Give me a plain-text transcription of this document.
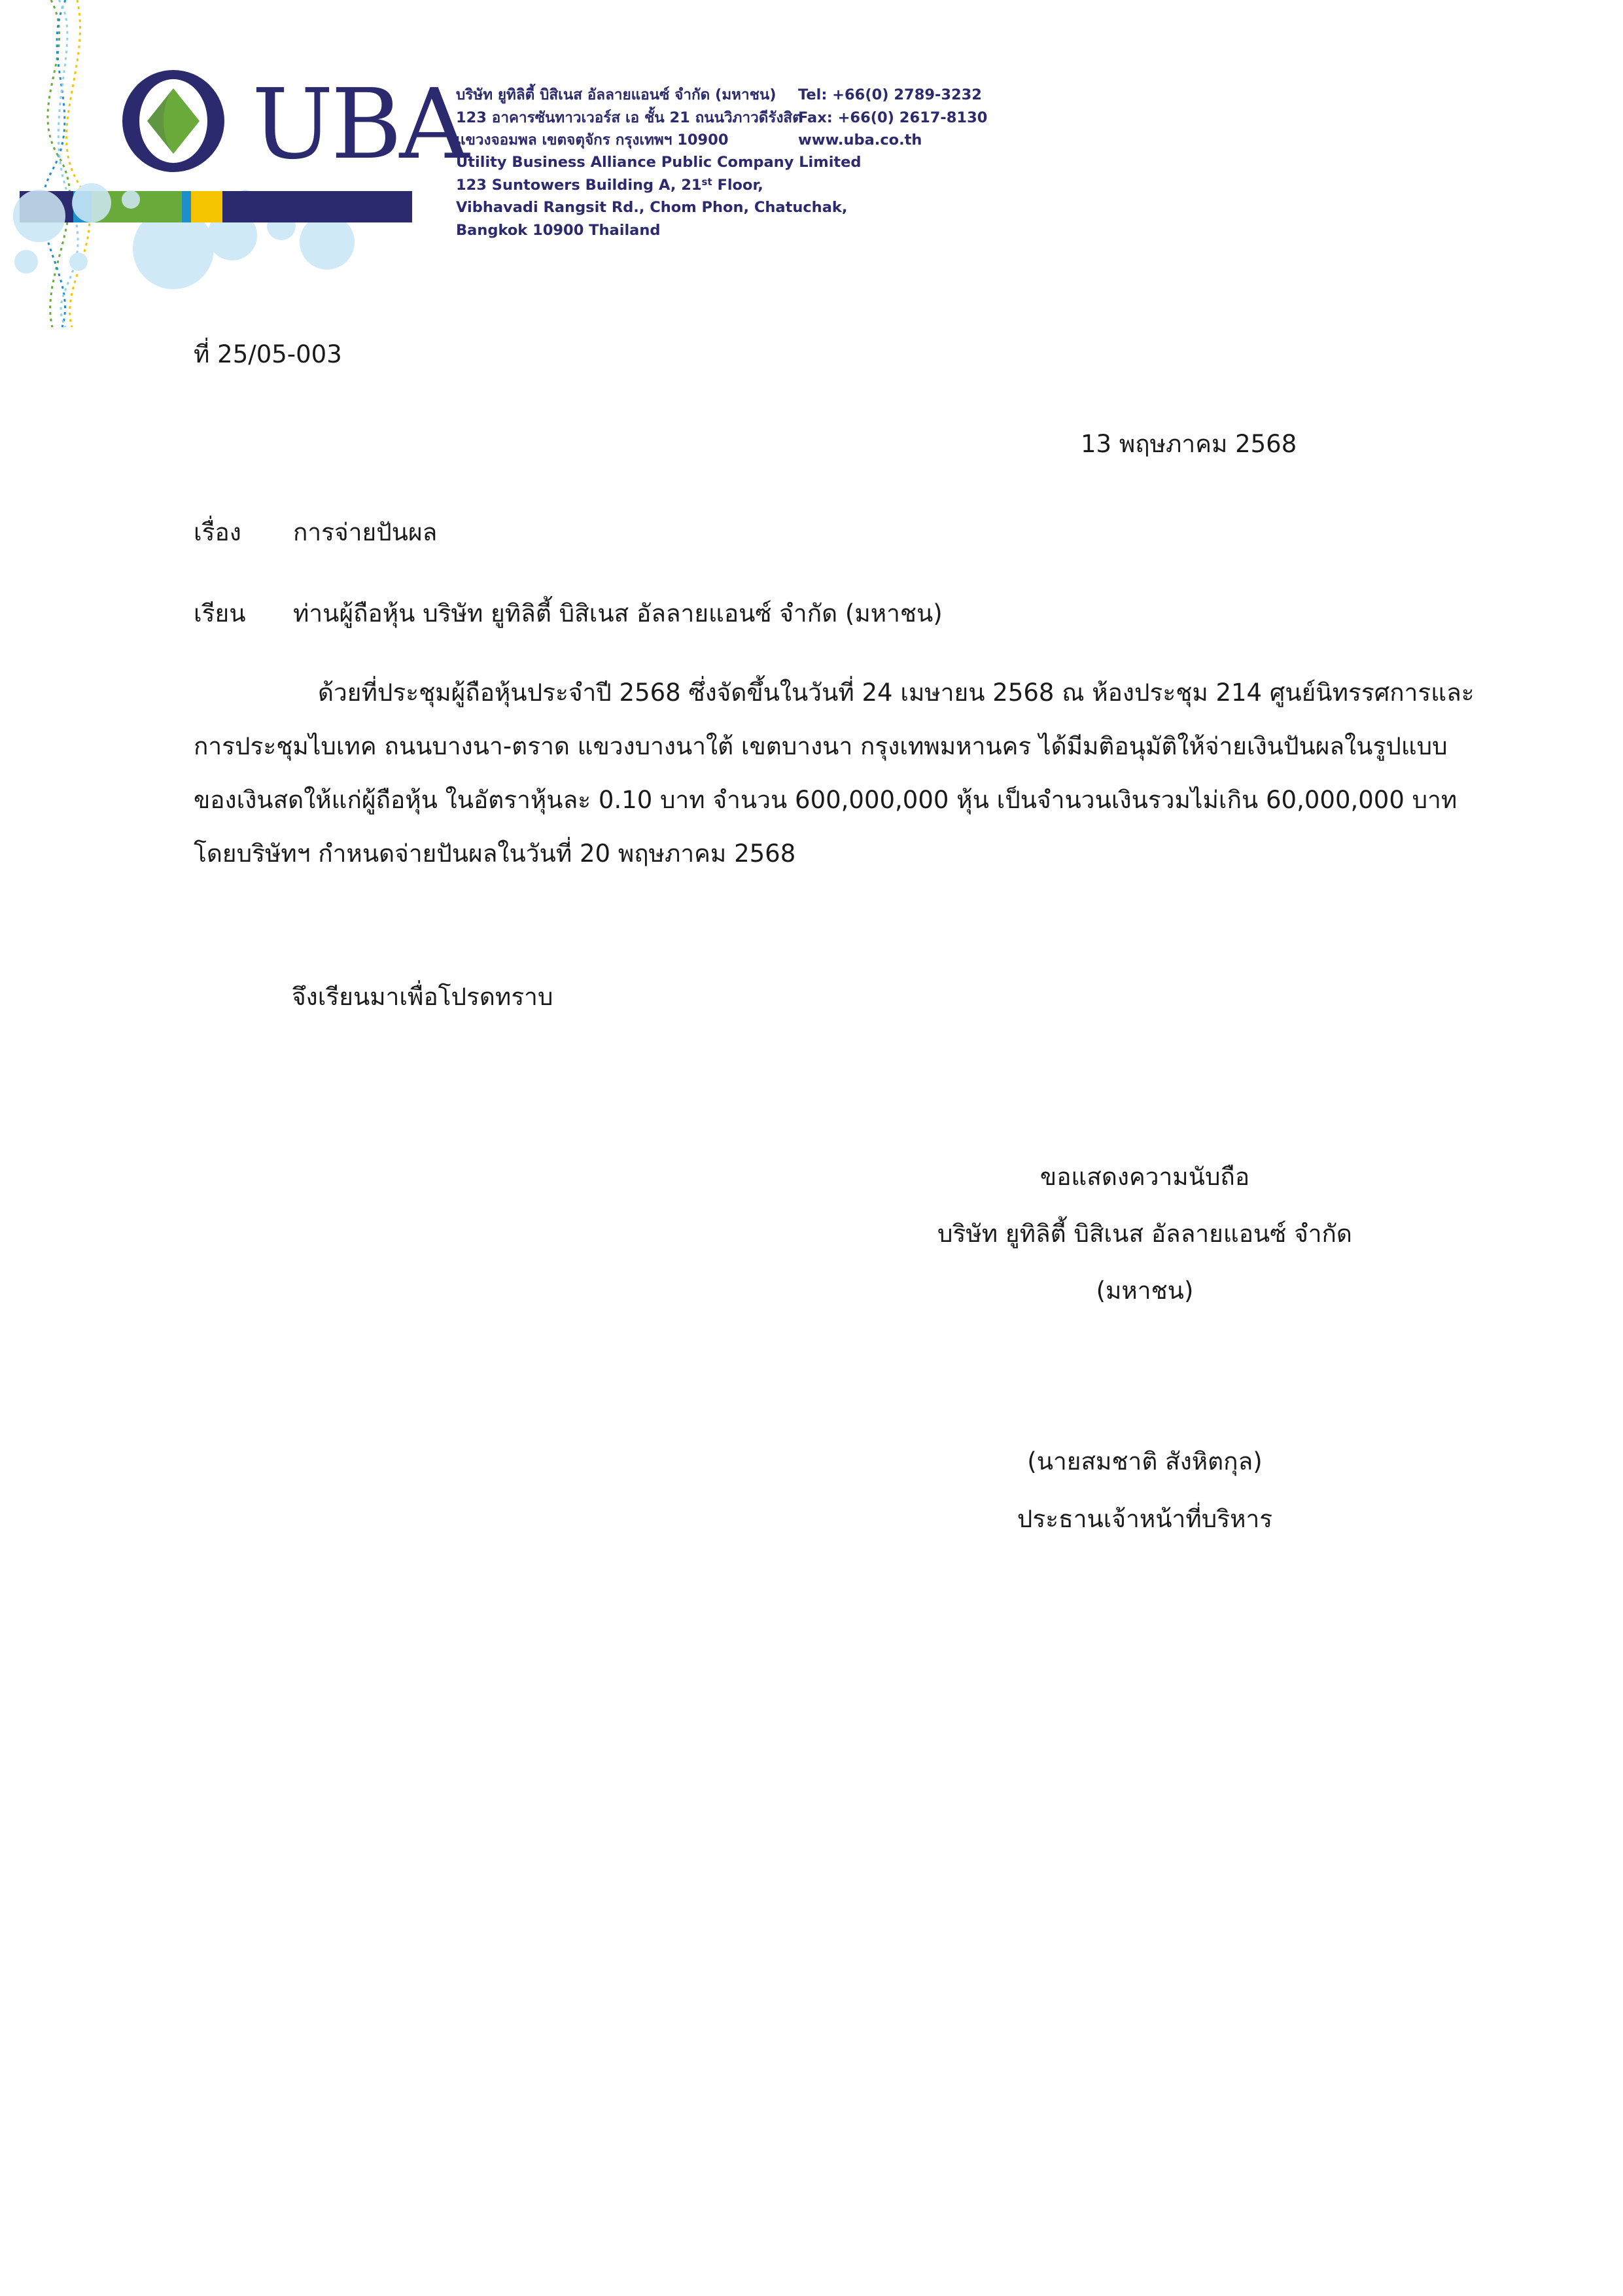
UBA
บริษัท ยูทิลิตี้ บิสิเนส อัลลายแอนซ์ จำกัด (มหาชน)
123 อาคารซันทาวเวอร์ส เอ ชั้น 21 ถนนวิภาวดีรังสิต
แขวงจอมพล เขตจตุจักร กรุงเทพฯ 10900
Utility Business Alliance Public Company Limited
123 Suntowers Building A, 21st Floor,
Vibhavadi Rangsit Rd., Chom Phon, Chatuchak,
Bangkok 10900 Thailand
Tel: +66(0) 2789-3232
Fax: +66(0) 2617-8130
www.uba.co.th
ที่ 25/05-003
13 พฤษภาคม 2568
เรื่อง การจ่ายปันผล
เรียน ท่านผู้ถือหุ้น บริษัท ยูทิลิตี้ บิสิเนส อัลลายแอนซ์ จำกัด (มหาชน)
ด้วยที่ประชุมผู้ถือหุ้นประจำปี 2568 ซึ่งจัดขึ้นในวันที่ 24 เมษายน 2568 ณ ห้องประชุม 214 ศูนย์นิทรรศการและ
การประชุมไบเทค ถนนบางนา-ตราด แขวงบางนาใต้ เขตบางนา กรุงเทพมหานคร ได้มีมติอนุมัติให้จ่ายเงินปันผลในรูปแบบ
ของเงินสดให้แก่ผู้ถือหุ้น ในอัตราหุ้นละ 0.10 บาท จำนวน 600,000,000 หุ้น เป็นจำนวนเงินรวมไม่เกิน 60,000,000 บาท
โดยบริษัทฯ กำหนดจ่ายปันผลในวันที่ 20 พฤษภาคม 2568
จึงเรียนมาเพื่อโปรดทราบ
ขอแสดงความนับถือ
บริษัท ยูทิลิตี้ บิสิเนส อัลลายแอนซ์ จำกัด
(มหาชน)
(นายสมชาติ สังหิตกุล)
ประธานเจ้าหน้าที่บริหาร
